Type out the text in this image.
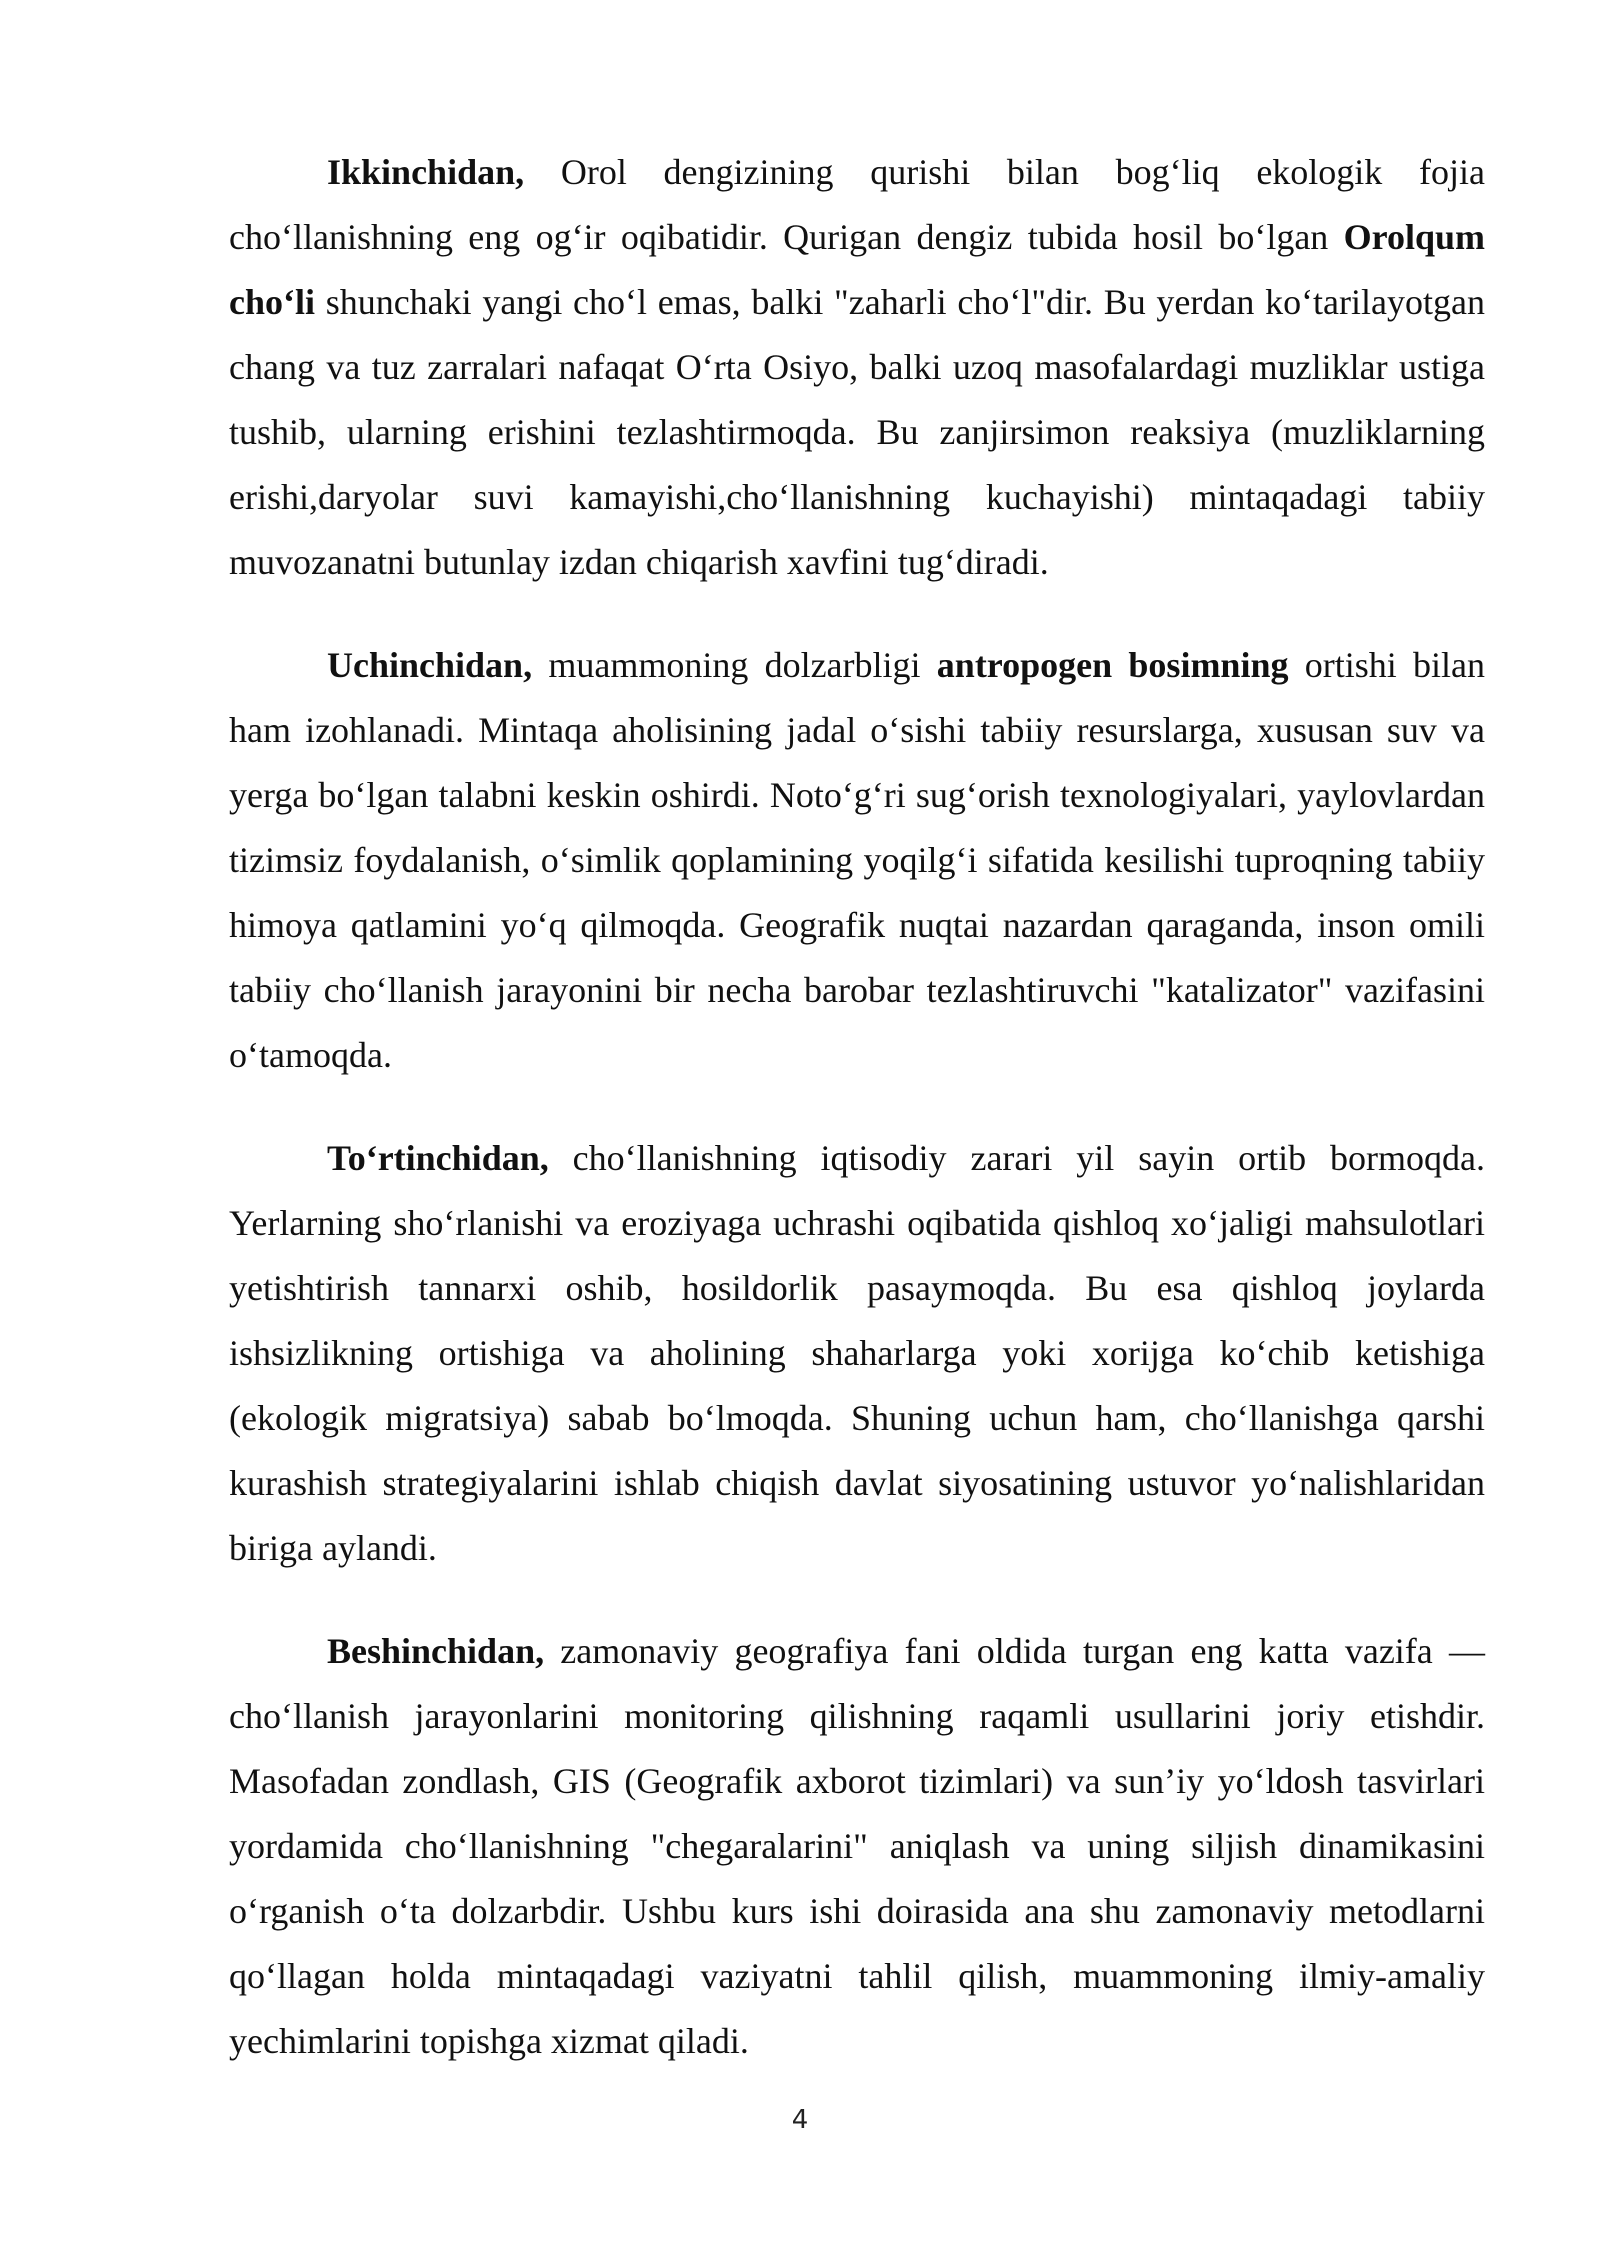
Ikkinchidan, Orol dengizining qurishi bilan bog‘liq ekologik fojia cho‘llanishning eng og‘ir oqibatidir. Qurigan dengiz tubida hosil bo‘lgan Orolqum cho‘li shunchaki yangi cho‘l emas, balki "zaharli cho‘l"dir. Bu yerdan ko‘tarilayotgan chang va tuz zarralari nafaqat O‘rta Osiyo, balki uzoq masofalardagi muzliklar ustiga tushib, ularning erishini tezlashtirmoqda. Bu zanjirsimon reaksiya (muzliklarning erishi,daryolar suvi kamayishi,cho‘llanishning kuchayishi) mintaqadagi tabiiy muvozanatni butunlay izdan chiqarish xavfini tug‘diradi.

Uchinchidan, muammoning dolzarbligi antropogen bosimning ortishi bilan ham izohlanadi. Mintaqa aholisining jadal o‘sishi tabiiy resurslarga, xususan suv va yerga bo‘lgan talabni keskin oshirdi. Noto‘g‘ri sug‘orish texnologiyalari, yaylovlardan tizimsiz foydalanish, o‘simlik qoplamining yoqilg‘i sifatida kesilishi tuproqning tabiiy himoya qatlamini yo‘q qilmoqda. Geografik nuqtai nazardan qaraganda, inson omili tabiiy cho‘llanish jarayonini bir necha barobar tezlashtiruvchi "katalizator" vazifasini o‘tamoqda.

To‘rtinchidan, cho‘llanishning iqtisodiy zarari yil sayin ortib bormoqda. Yerlarning sho‘rlanishi va eroziyaga uchrashi oqibatida qishloq xo‘jaligi mahsulotlari yetishtirish tannarxi oshib, hosildorlik pasaymoqda. Bu esa qishloq joylarda ishsizlikning ortishiga va aholining shaharlarga yoki xorijga ko‘chib ketishiga (ekologik migratsiya) sabab bo‘lmoqda. Shuning uchun ham, cho‘llanishga qarshi kurashish strategiyalarini ishlab chiqish davlat siyosatining ustuvor yo‘nalishlaridan biriga aylandi.

Beshinchidan, zamonaviy geografiya fani oldida turgan eng katta vazifa — cho‘llanish jarayonlarini monitoring qilishning raqamli usullarini joriy etishdir. Masofadan zondlash, GIS (Geografik axborot tizimlari) va sun’iy yo‘ldosh tasvirlari yordamida cho‘llanishning "chegaralarini" aniqlash va uning siljish dinamikasini o‘rganish o‘ta dolzarbdir. Ushbu kurs ishi doirasida ana shu zamonaviy metodlarni qo‘llagan holda mintaqadagi vaziyatni tahlil qilish, muammoning ilmiy-amaliy yechimlarini topishga xizmat qiladi.

4
